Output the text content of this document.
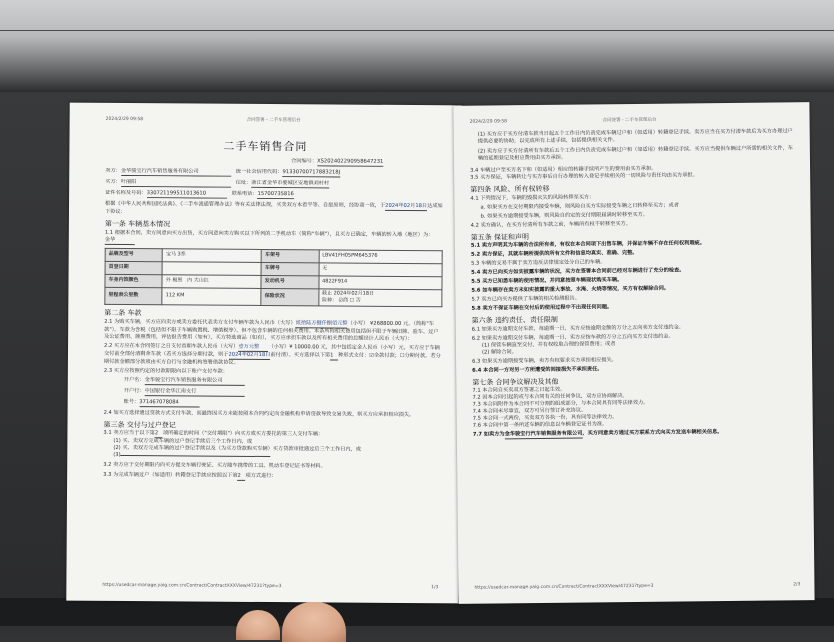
2024/2/29 09:58	合同签署 - 二手车管理后台
二手车销售合同
合同编号：XS202402290958647231
卖方：金华骏宝行汽车销售服务有限公司	统一社会信用代码：91330700717883218J
买方：叶丽阳	住址：浙江省金华市婺城区安地镇刘村村
证件名称及号码：330721199511013610	联系电话：15700735816
根据《中华人民共和国民法典》、《二手车流通管理办法》等有关法律法规，买卖双方本着平等、自愿原则，经协商一致，于2024年02月18日达成如下协议：
第一条 车辆基本情况
1.1 根据本合同，卖方同意向买方出售，买方同意向卖方购买以下所列的二手机动车（简称"车辆"），且买方已确定，车辆的转入地（地区）为：金华
品牌及型号	宝马 3系	车架号	LBV41FH05PM645376
首登日期		车牌号	无
车身内饰颜色	外 极黑 内 大山红	发动机号	4822F914
里程表公里数	112 KM	保险状况	截止 2024年02月18日
险种： ☑商 ☐ 否
第二条 车款
2.1 为购买车辆，买方应向卖方或卖方委托代表卖方支付车辆车款为人民币（大写）贰拾陆万捌仟捌佰元整（小写） ¥268800.00 元。（简称"车款"）。车款为含税（包括但不限于车辆购置税、增值税等），但不包含车辆的任何相关费用。本条所称相关费用包括但不限于车辆旧牌、验车、过户及公证费用、牌照费用，评估报告费用（如有），买方特选商品（如有），买方应承担车款以及所有相关费用的总额经计人民币（大写）：
2.2 买方应在本合同签订之日支付首期车款人民币（大写）壹万元整 （小写）¥ 10000.00 元，其中包括定金人民币（小写）元，买方应于车辆交付前全部付清剩余车款（若买方选择分期付款，则于2024年02月18日前付清）。买方选择以下第1 种形式支付：☑全款付款；☐分期付款。若分期付款金额部分款项由买方自行与金融机构签署借款协议。
2.3 买方应按照约定的付款期限向以下账户支付车款：
开户名：金华骏宝行汽车销售服务有限公司
开户行：中国银行金华江南支行
账号：371467078084
2.4 如买方选择通过贷款方式支付车款，而最终因买方未能按照本合同约定向金融机构申请贷款导致交易失败，则买方应承担相应损失。
第三条 交付与过户登记
3.1 卖方应当于以下第2 项所确定的时间（"交付期限"）向买方或买方委托的第三人交付车辆：
(1) 买、卖双方完成车辆的过户登记手续后三个工作日内，或
(2) 买、卖双方完成车辆的过户登记手续以及（为买方贷款购买车辆）买方贷款审批通过后三个工作日内，或
(3)
3.2 卖方应于交付期限内向买方提交车辆行驶证、买方随车携带的工具、机动车登记证书等材料。
3.3 为完成车辆过户（如适用）转籍登记手续应按照以下第2 项方式进行：
https://usedcar-manage.yaig.com.cn/Contract/ContractXXXView/47231?type=3	1/3
2024/2/29 09:58	合同签署 - 二手车管理后台
(1) 买方应于买方付清车款当日起五个工作日内负责完成车辆过户和（如适用）转籍登记手续。卖方应当在买方付清车款后为买方办理过户提供必要的协助，以完成所有上述手续，包括提供相关文件。
(2) 卖方应于买方付清所有车款后五个工作日内负责完成车辆过户和（如适用）转籍登记手续。买方应当提供车辆过户所需的相关文件，车辆的延期登记及相应费用由买方承担。
3.4 车辆过户至买方名下和（如适用）相应的转籍手续所产生的费用由买方承担。
3.5 买方保证，车辆转让与买方事后自行办理的转入登记手续相关的一切风险与责任均由买方承担。
第四条 风险、所有权转移
4.1 下列情况下，车辆的毁损灭失的风险转移至买方：
a. 如果买方在交付期限内接受车辆，则风险自买方实际接受车辆之日转移至买方；或者
b. 如果买方逾期接受车辆，则风险自约定的交付期限届满时转移至买方。
4.2 卖方确认，在买方付清所有车款之前，车辆所有权不转移至买方。
第五条 保证和声明
5.1 卖方声明其为车辆的合法所有者，有权在本合同项下出售车辆，并保证车辆不存在任何权利瑕疵。
5.2 卖方保证，其就车辆所提供的所有文件和信息均真实、准确、完整。
5.3 车辆的交易不属于卖方违反法律规定处分自己的车辆。
5.4 卖方已向买方如实披露车辆的状况，买方在签署本合同前已经对车辆进行了充分的检查。
5.5 买方已知悉车辆的使用情况，并同意按照车辆现状购买车辆。
5.6 如车辆存在卖方未如实披露的重大事故、水淹、火烧等情况，买方有权解除合同。
5.7 卖方已向买方提供了车辆的相关检测报告。
5.8 卖方不保证车辆在交付后的使用过程中不出现任何问题。
第六条 违约责任、责任限制
6.1 如果买方逾期支付车款，每逾期一日，买方应按逾期金额的万分之五向卖方支付违约金。
6.2 如果卖方逾期交付车辆，每逾期一日，卖方应按车款的万分之五向买方支付违约金。
(1) 保管车辆直至交付，并有权收取合理的保管费用；或者
(2) 解除合同。
6.3 如果买方逾期接受车辆，卖方有权要求买方承担相应损失。
6.4 本合同一方对另一方所遭受的间接损失不承担责任。
第七条 合同争议解决及其他
7.1 本合同自买卖双方签署之日起生效。
7.2 因本合同引起的或与本合同有关的任何争议，双方应协商解决。
7.3 本合同附件为本合同不可分割的组成部分，与本合同具有同等法律效力。
7.4 本合同未尽事宜，双方可另行签订补充协议。
7.5 本合同一式两份，买卖双方各执一份，具有同等法律效力。
7.6 本合同中第一条所述车辆的信息以车辆登记证书为准。
7.7 如卖方为金华骏宝行汽车销售服务有限公司，买方同意卖方通过买方联系方式向买方发送车辆相关信息。
https://usedcar-manage.yaig.com.cn/Contract/ContractXXXView/47231?type=3	2/3
